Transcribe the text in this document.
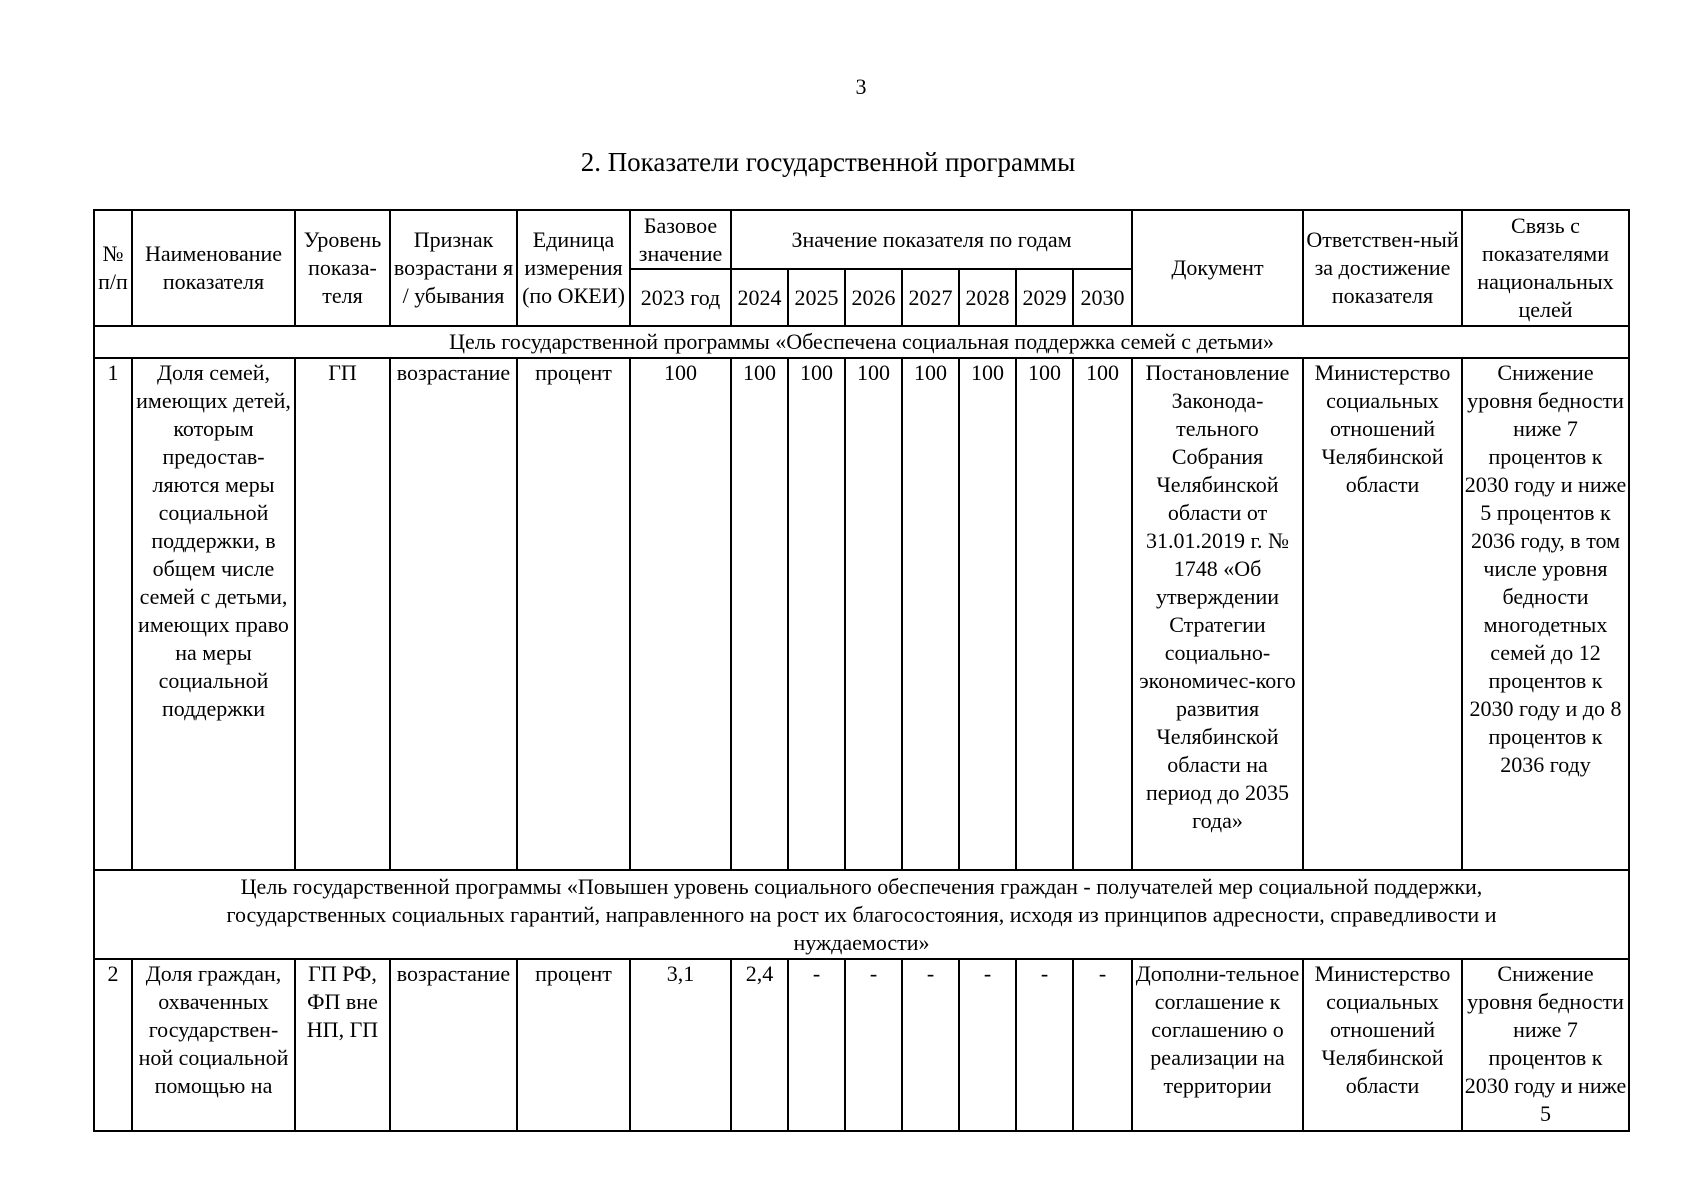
3
2. Показатели государственной программы
№ п/п	Наименование показателя	Уровень показа-теля	Признак возрастани я / убывания	Единица измерения (по ОКЕИ)	Базовое значение	Значение показателя по годам							Документ	Ответствен-ный за достижение показателя	Связь с показателями национальных целей
					2023 год	2024	2025	2026	2027	2028	2029	2030			
Цель государственной программы «Обеспечена социальная поддержка семей с детьми»															
1	Доля семей, имеющих детей, которым предостав-ляются меры социальной поддержки, в общем числе семей с детьми, имеющих право на меры социальной поддержки	ГП	возрастание	процент	100	100	100	100	100	100	100	100	Постановление Законода-тельного Собрания Челябинской области от 31.01.2019 г. № 1748 «Об утверждении Стратегии социально-экономичес-кого развития Челябинской области на период до 2035 года»	Министерство социальных отношений Челябинской области	Снижение уровня бедности ниже 7 процентов к 2030 году и ниже 5 процентов к 2036 году, в том числе уровня бедности многодетных семей до 12 процентов к 2030 году и до 8 процентов к 2036 году
Цель государственной программы «Повышен уровень социального обеспечения граждан - получателей мер социальной поддержки, государственных социальных гарантий, направленного на рост их благосостояния, исходя из принципов адресности, справедливости и нуждаемости»															
2	Доля граждан, охваченных государствен-ной социальной помощью на	ГП РФ, ФП вне НП, ГП	возрастание	процент	3,1	2,4	-	-	-	-	-	-	Дополни-тельное соглашение к соглашению о реализации на территории	Министерство социальных отношений Челябинской области	Снижение уровня бедности ниже 7 процентов к 2030 году и ниже 5
